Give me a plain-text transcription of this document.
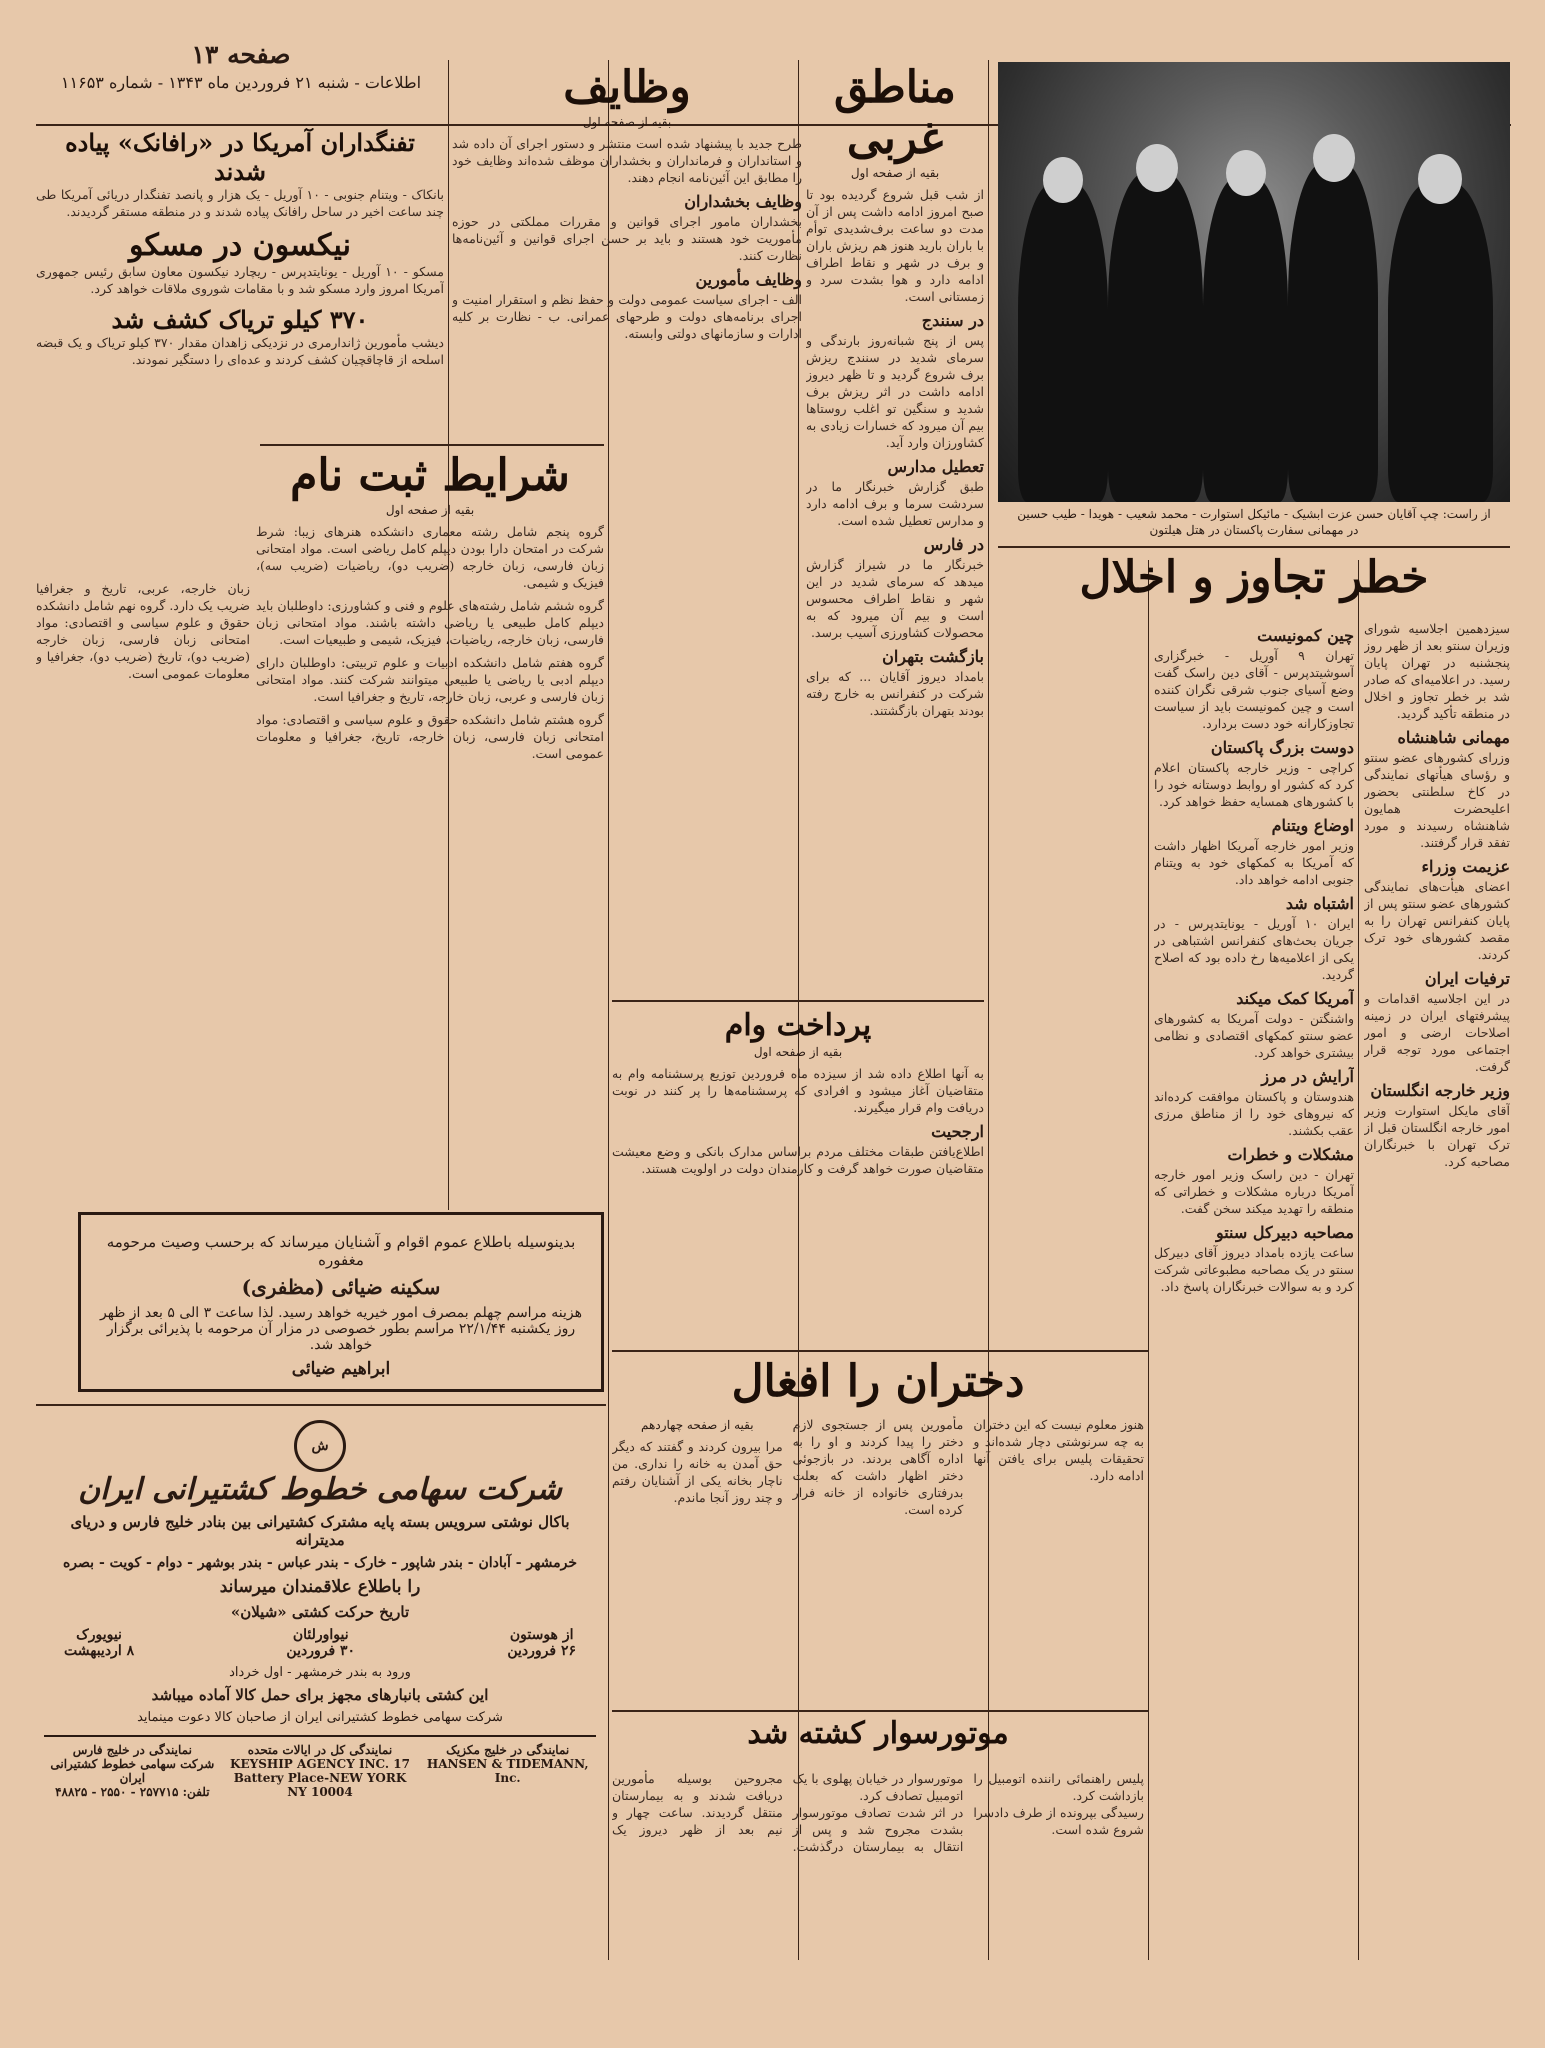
صفحه ۱۳
اطلاعات - شنبه ۲۱ فروردین ماه ۱۳۴۳ - شماره ۱۱۶۵۳
از راست: چپ آقایان حسن عزت ابشیک - مائیکل استوارت - محمد شعیب - هویدا - طیب حسین
در مهمانی سفارت پاکستان در هتل هیلتون
مناطق غربی
بقیه از صفحه اول
از شب قبل شروع گردیده بود تا صبح امروز ادامه داشت پس از آن مدت دو ساعت برف‌شدیدی توأم با باران بارید هنوز هم ریزش باران و برف در شهر و نقاط اطراف ادامه دارد و هوا بشدت سرد و زمستانی است.
در سنندج
پس از پنج شبانه‌روز بارندگی و سرمای شدید در سنندج ریزش برف شروع گردید و تا ظهر دیروز ادامه داشت در اثر ریزش برف شدید و سنگین تو اغلب روستاها بیم آن میرود که خسارات زیادی به کشاورزان وارد آید.
تعطیل مدارس
طبق گزارش خبرنگار ما در سردشت سرما و برف ادامه دارد و مدارس تعطیل شده است.
در فارس
خبرنگار ما در شیراز گزارش میدهد که سرمای شدید در این شهر و نقاط اطراف محسوس است و بیم آن میرود که به محصولات کشاورزی آسیب برسد.
بازگشت بتهران
بامداد دیروز آقایان ... که برای شرکت در کنفرانس به خارج رفته بودند بتهران بازگشتند.
پرداخت وام
بقیه از صفحه اول
به آنها اطلاع داده شد از سیزده ماه فروردین توزیع پرسشنامه وام به متقاضیان آغاز میشود و افرادی که پرسشنامه‌ها را پر کنند در نوبت دریافت وام قرار میگیرند.
ارجحیت
اطلاع‌یافتن طبقات مختلف مردم براساس مدارک بانکی و وضع معیشت متقاضیان صورت خواهد گرفت و کارمندان دولت در اولویت هستند.
وظایف
بقیه از صفحه اول
طرح جدید با پیشنهاد شده است منتشر و دستور اجرای آن داده شد و استانداران و فرمانداران و بخشداران موظف شده‌اند وظایف خود را مطابق این آئین‌نامه انجام دهند.
وظایف بخشداران
بخشداران مامور اجرای قوانین و مقررات مملکتی در حوزه مأموریت خود هستند و باید بر حسن اجرای قوانین و آئین‌نامه‌ها نظارت کنند.
وظایف مأمورین
الف - اجرای سیاست عمومی دولت و حفظ نظم و استقرار امنیت و اجرای برنامه‌های دولت و طرحهای عمرانی. ب - نظارت بر کلیه ادارات و سازمانهای دولتی وابسته.
شرایط ثبت نام
بقیه از صفحه اول
گروه پنجم شامل رشته معماری دانشکده هنرهای زیبا: شرط شرکت در امتحان دارا بودن دیپلم کامل ریاضی است. مواد امتحانی زبان فارسی، زبان خارجه (ضریب دو)، ریاضیات (ضریب سه)، فیزیک و شیمی.
گروه ششم شامل رشته‌های علوم و فنی و کشاورزی: داوطلبان باید دیپلم کامل طبیعی یا ریاضی داشته باشند. مواد امتحانی زبان فارسی، زبان خارجه، ریاضیات، فیزیک، شیمی و طبیعیات است.
گروه هفتم شامل دانشکده ادبیات و علوم تربیتی: داوطلبان دارای دیپلم ادبی یا ریاضی یا طبیعی میتوانند شرکت کنند. مواد امتحانی زبان فارسی و عربی، زبان خارجه، تاریخ و جغرافیا است.
گروه هشتم شامل دانشکده حقوق و علوم سیاسی و اقتصادی: مواد امتحانی زبان فارسی، زبان خارجه، تاریخ، جغرافیا و معلومات عمومی است.
تفنگداران آمریکا در «رافانک» پیاده شدند
بانکاک - ویتنام جنوبی - ۱۰ آوریل - یک هزار و پانصد تفنگدار دریائی آمریکا طی چند ساعت اخیر در ساحل رافانک پیاده شدند و در منطقه مستقر گردیدند.
نیکسون در مسکو
مسکو - ۱۰ آوریل - یونایتدپرس - ریچارد نیکسون معاون سابق رئیس جمهوری آمریکا امروز وارد مسکو شد و با مقامات شوروی ملاقات خواهد کرد.
۳۷۰ کیلو تریاک کشف شد
دیشب مأمورین ژاندارمری در نزدیکی زاهدان مقدار ۳۷۰ کیلو تریاک و یک قبضه اسلحه از قاچاقچیان کشف کردند و عده‌ای را دستگیر نمودند.
زبان خارجه، عربی، تاریخ و جغرافیا ضریب یک دارد. گروه نهم شامل دانشکده حقوق و علوم سیاسی و اقتصادی: مواد امتحانی زبان فارسی، زبان خارجه (ضریب دو)، تاریخ (ضریب دو)، جغرافیا و معلومات عمومی است.
بدینوسیله باطلاع عموم اقوام و آشنایان میرساند که برحسب وصیت مرحومه مغفوره
سکینه ضیائی (مظفری)
هزینه مراسم چهلم بمصرف امور خیریه خواهد رسید. لذا ساعت ۳ الی ۵ بعد از ظهر روز یکشنبه ۲۲/۱/۴۴ مراسم بطور خصوصی در مزار آن مرحومه با پذیرائی برگزار خواهد شد.
ابراهیم ضیائی
ش
شرکت سهامی خطوط کشتیرانی ایران
باکال نوشتی سرویس بسته پایه مشترک کشتیرانی بین بنادر خلیج فارس و دریای مدیترانه
خرمشهر - آبادان - بندر شاپور - خارک - بندر عباس - بندر بوشهر - دوام - کویت - بصره
را باطلاع علاقمندان میرساند
تاریخ حرکت کشتی «شیلان»
از هوستون
۲۶ فروردین
نیواورلئان
۳۰ فروردین
نیویورک
۸ اردیبهشت
ورود به بندر خرمشهر - اول خرداد
این کشتی بانبارهای مجهز برای حمل کالا آماده میباشد
شرکت سهامی خطوط کشتیرانی ایران از صاحبان کالا دعوت مینماید
نمایندگی در خلیج مکزیک

HANSEN & TIDEMANN, Inc.
نمایندگی کل در ایالات متحده

KEYSHIP AGENCY INC. 17 Battery Place-NEW YORK NY 10004
نمایندگی در خلیج فارس
شرکت سهامی خطوط کشتیرانی ایران
تلفن: ۲۵۷۷۱۵ - ۲۵۵۰ - ۴۸۸۲۵
خطر تجاوز و اخلال
سیزدهمین اجلاسیه شورای وزیران سنتو بعد از ظهر روز پنجشنبه در تهران پایان رسید. در اعلامیه‌ای که صادر شد بر خطر تجاوز و اخلال در منطقه تأکید گردید.
مهمانی شاهنشاه
وزرای کشورهای عضو سنتو و رؤسای هیأتهای نمایندگی در کاخ سلطنتی بحضور اعلیحضرت همایون شاهنشاه رسیدند و مورد تفقد قرار گرفتند.
عزیمت وزراء
اعضای هیأت‌های نمایندگی کشورهای عضو سنتو پس از پایان کنفرانس تهران را به مقصد کشورهای خود ترک کردند.
ترفیات ایران
در این اجلاسیه اقدامات و پیشرفتهای ایران در زمینه اصلاحات ارضی و امور اجتماعی مورد توجه قرار گرفت.
وزیر خارجه انگلستان
آقای مایکل استوارت وزیر امور خارجه انگلستان قبل از ترک تهران با خبرنگاران مصاحبه کرد.
چین کمونیست
تهران ۹ آوریل - خبرگزاری آسوشیتدپرس - آقای دین راسک گفت وضع آسیای جنوب شرقی نگران کننده است و چین کمونیست باید از سیاست تجاوزکارانه خود دست بردارد.
دوست بزرگ پاکستان
کراچی - وزیر خارجه پاکستان اعلام کرد که کشور او روابط دوستانه خود را با کشورهای همسایه حفظ خواهد کرد.
اوضاع ویتنام
وزیر امور خارجه آمریکا اظهار داشت که آمریکا به کمکهای خود به ویتنام جنوبی ادامه خواهد داد.
اشتباه شد
ایران ۱۰ آوریل - یونایتدپرس - در جریان بحث‌های کنفرانس اشتباهی در یکی از اعلامیه‌ها رخ داده بود که اصلاح گردید.
آمریکا کمک میکند
واشنگتن - دولت آمریکا به کشورهای عضو سنتو کمکهای اقتصادی و نظامی بیشتری خواهد کرد.
آرایش در مرز
هندوستان و پاکستان موافقت کرده‌اند که نیروهای خود را از مناطق مرزی عقب بکشند.
مشکلات و خطرات
تهران - دین راسک وزیر امور خارجه آمریکا درباره مشکلات و خطراتی که منطقه را تهدید میکند سخن گفت.
مصاحبه دبیرکل سنتو
ساعت یازده بامداد دیروز آقای دبیرکل سنتو در یک مصاحبه مطبوعاتی شرکت کرد و به سوالات خبرنگاران پاسخ داد.
دختران را افغال
بقیه از صفحه چهاردهم
مرا بیرون کردند و گفتند که دیگر حق آمدن به خانه را نداری. من ناچار بخانه یکی از آشنایان رفتم و چند روز آنجا ماندم.
مأمورین پس از جستجوی لازم دختر را پیدا کردند و او را به اداره آگاهی بردند. در بازجوئی دختر اظهار داشت که بعلت بدرفتاری خانواده از خانه فرار کرده است.
هنوز معلوم نیست که این دختران به چه سرنوشتی دچار شده‌اند و تحقیقات پلیس برای یافتن آنها ادامه دارد.
موتورسوار کشته شد
مجروحین بوسیله مأمورین دریافت شدند و به بیمارستان منتقل گردیدند. ساعت چهار و نیم بعد از ظهر دیروز یک موتورسوار در خیابان پهلوی با یک اتومبیل تصادف کرد.
در اثر شدت تصادف موتورسوار بشدت مجروح شد و پس از انتقال به بیمارستان درگذشت. پلیس راهنمائی راننده اتومبیل را بازداشت کرد.
رسیدگی بپرونده از طرف دادسرا شروع شده است.
